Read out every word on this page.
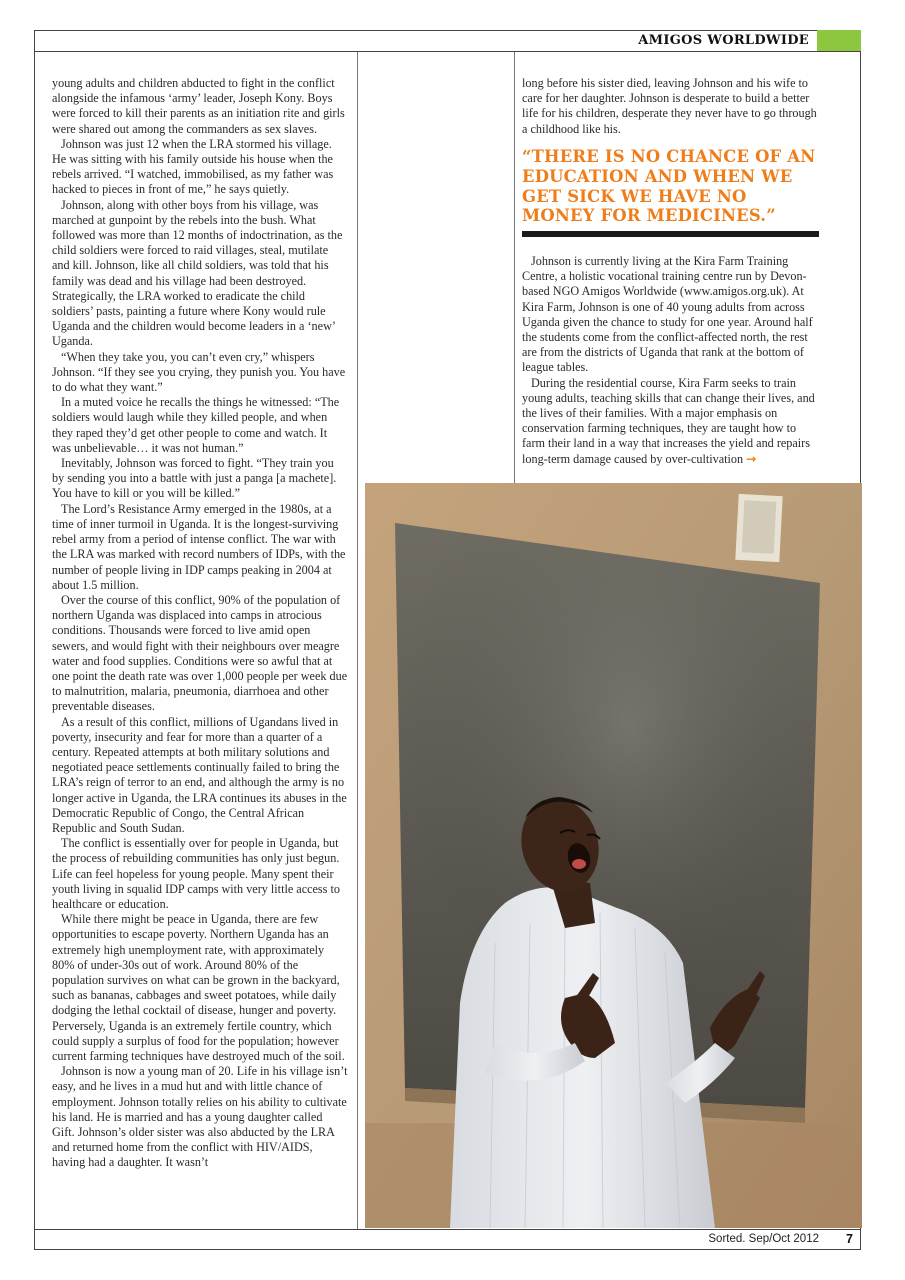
AMIGOS WORLDWIDE

young adults and children abducted to fight in the conflict alongside the infamous ‘army’ leader, Joseph Kony. Boys were forced to kill their parents as an initiation rite and girls were shared out among the commanders as sex slaves.

Johnson was just 12 when the LRA stormed his village. He was sitting with his family outside his house when the rebels arrived. “I watched, immobilised, as my father was hacked to pieces in front of me,” he says quietly.

Johnson, along with other boys from his village, was marched at gunpoint by the rebels into the bush. What followed was more than 12 months of indoctrination, as the child soldiers were forced to raid villages, steal, mutilate and kill. Johnson, like all child soldiers, was told that his family was dead and his village had been destroyed. Strategically, the LRA worked to eradicate the child soldiers’ pasts, painting a future where Kony would rule Uganda and the children would become leaders in a ‘new’ Uganda.

“When they take you, you can’t even cry,” whispers Johnson. “If they see you crying, they punish you. You have to do what they want.”

In a muted voice he recalls the things he witnessed: “The soldiers would laugh while they killed people, and when they raped they’d get other people to come and watch. It was unbelievable… it was not human.”

Inevitably, Johnson was forced to fight. “They train you by sending you into a battle with just a panga [a machete]. You have to kill or you will be killed.”

The Lord’s Resistance Army emerged in the 1980s, at a time of inner turmoil in Uganda. It is the longest-surviving rebel army from a period of intense conflict. The war with the LRA was marked with record numbers of IDPs, with the number of people living in IDP camps peaking in 2004 at about 1.5 million.

Over the course of this conflict, 90% of the population of northern Uganda was displaced into camps in atrocious conditions. Thousands were forced to live amid open sewers, and would fight with their neighbours over meagre water and food supplies. Conditions were so awful that at one point the death rate was over 1,000 people per week due to malnutrition, malaria, pneumonia, diarrhoea and other preventable diseases.

As a result of this conflict, millions of Ugandans lived in poverty, insecurity and fear for more than a quarter of a century. Repeated attempts at both military solutions and negotiated peace settlements continually failed to bring the LRA’s reign of terror to an end, and although the army is no longer active in Uganda, the LRA continues its abuses in the Democratic Republic of Congo, the Central African Republic and South Sudan.

The conflict is essentially over for people in Uganda, but the process of rebuilding communities has only just begun. Life can feel hopeless for young people. Many spent their youth living in squalid IDP camps with very little access to healthcare or education.

While there might be peace in Uganda, there are few opportunities to escape poverty. Northern Uganda has an extremely high unemployment rate, with approximately 80% of under-30s out of work. Around 80% of the population survives on what can be grown in the backyard, such as bananas, cabbages and sweet potatoes, while daily dodging the lethal cocktail of disease, hunger and poverty. Perversely, Uganda is an extremely fertile country, which could supply a surplus of food for the population; however current farming techniques have destroyed much of the soil.

Johnson is now a young man of 20. Life in his village isn’t easy, and he lives in a mud hut and with little chance of employment. Johnson totally relies on his ability to cultivate his land. He is married and has a young daughter called Gift. Johnson’s older sister was also abducted by the LRA and returned home from the conflict with HIV/AIDS, having had a daughter. It wasn’t

long before his sister died, leaving Johnson and his wife to care for her daughter. Johnson is desperate to build a better life for his children, desperate they never have to go through a childhood like his.

“THERE IS NO CHANCE OF AN EDUCATION AND WHEN WE GET SICK WE HAVE NO MONEY FOR MEDICINES.”

Johnson is currently living at the Kira Farm Training Centre, a holistic vocational training centre run by Devon-based NGO Amigos Worldwide (www.amigos.org.uk). At Kira Farm, Johnson is one of 40 young adults from across Uganda given the chance to study for one year. Around half the students come from the conflict-affected north, the rest are from the districts of Uganda that rank at the bottom of league tables.

During the residential course, Kira Farm seeks to train young adults, teaching skills that can change their lives, and the lives of their families. With a major emphasis on conservation farming techniques, they are taught how to farm their land in a way that increases the yield and repairs long-term damage caused by over-cultivation →

Sorted. Sep/Oct 2012 7
